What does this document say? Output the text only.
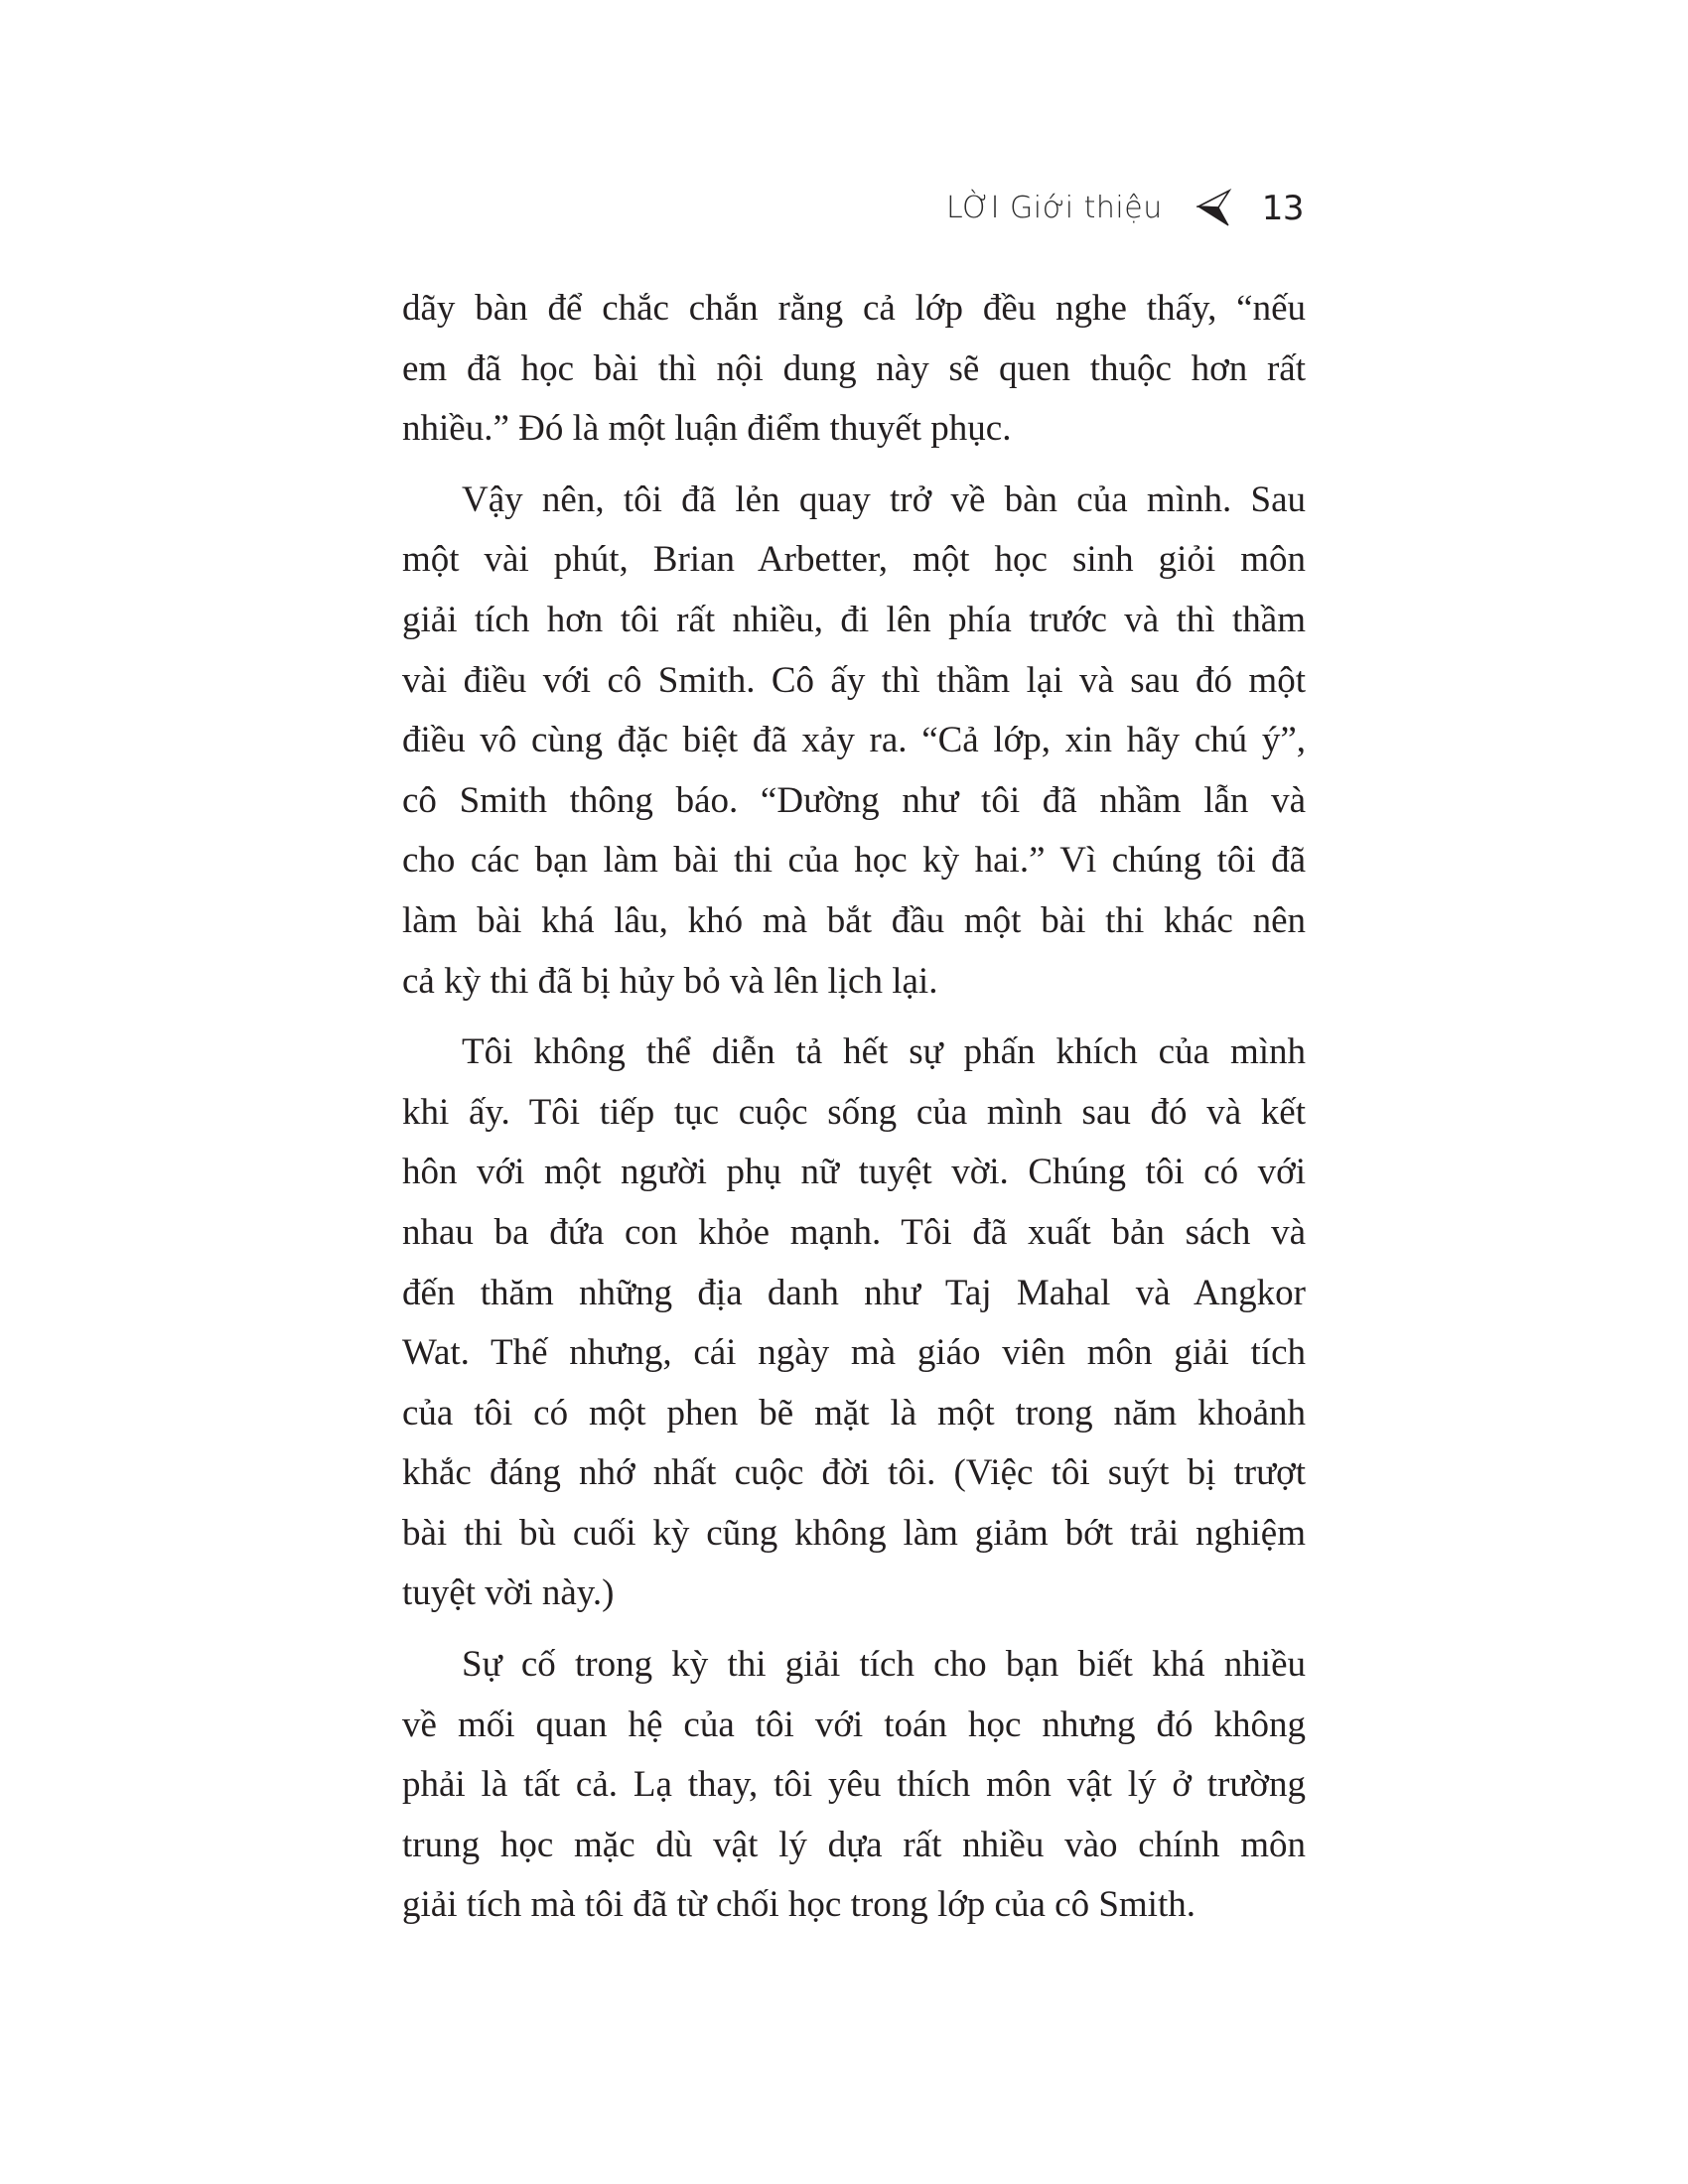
LỜI Giới thiệu	13
dãy bàn để chắc chắn rằng cả lớp đều nghe thấy, “nếu
em đã học bài thì nội dung này sẽ quen thuộc hơn rất
nhiều.” Đó là một luận điểm thuyết phục.
Vậy nên, tôi đã lẻn quay trở về bàn của mình. Sau
một vài phút, Brian Arbetter, một học sinh giỏi môn
giải tích hơn tôi rất nhiều, đi lên phía trước và thì thầm
vài điều với cô Smith. Cô ấy thì thầm lại và sau đó một
điều vô cùng đặc biệt đã xảy ra. “Cả lớp, xin hãy chú ý”,
cô Smith thông báo. “Dường như tôi đã nhầm lẫn và
cho các bạn làm bài thi của học kỳ hai.” Vì chúng tôi đã
làm bài khá lâu, khó mà bắt đầu một bài thi khác nên
cả kỳ thi đã bị hủy bỏ và lên lịch lại.
Tôi không thể diễn tả hết sự phấn khích của mình
khi ấy. Tôi tiếp tục cuộc sống của mình sau đó và kết
hôn với một người phụ nữ tuyệt vời. Chúng tôi có với
nhau ba đứa con khỏe mạnh. Tôi đã xuất bản sách và
đến thăm những địa danh như Taj Mahal và Angkor
Wat. Thế nhưng, cái ngày mà giáo viên môn giải tích
của tôi có một phen bẽ mặt là một trong năm khoảnh
khắc đáng nhớ nhất cuộc đời tôi. (Việc tôi suýt bị trượt
bài thi bù cuối kỳ cũng không làm giảm bớt trải nghiệm
tuyệt vời này.)
Sự cố trong kỳ thi giải tích cho bạn biết khá nhiều
về mối quan hệ của tôi với toán học nhưng đó không
phải là tất cả. Lạ thay, tôi yêu thích môn vật lý ở trường
trung học mặc dù vật lý dựa rất nhiều vào chính môn
giải tích mà tôi đã từ chối học trong lớp của cô Smith.
